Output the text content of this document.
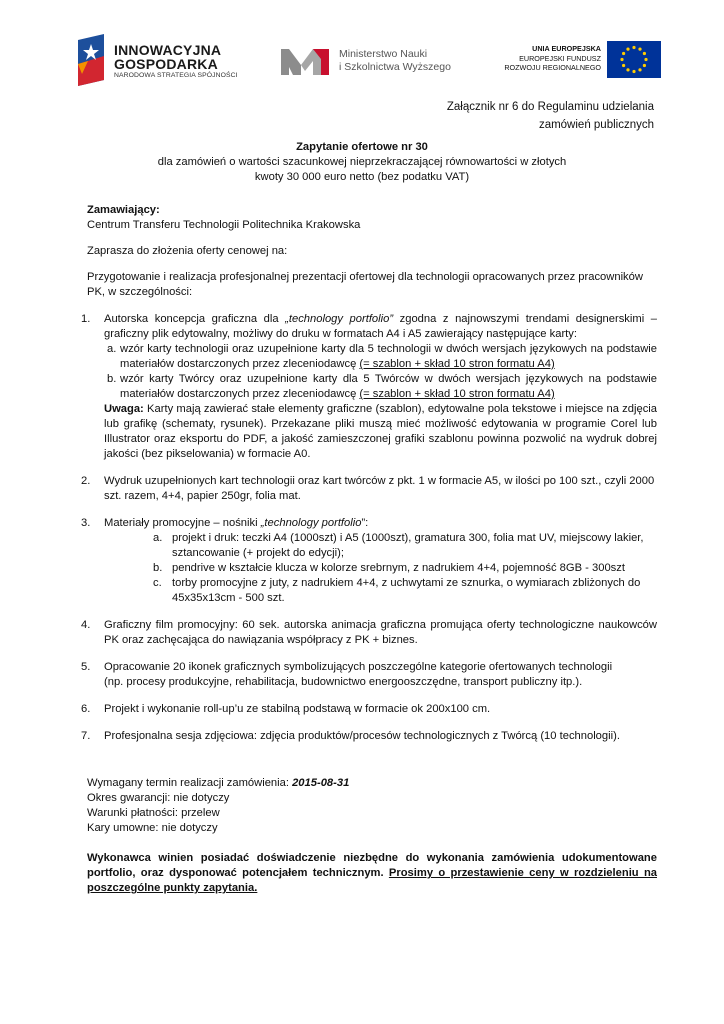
INNOWACYJNA
GOSPODARKA
NARODOWA STRATEGIA SPÓJNOŚCI
Ministerstwo Nauki
i Szkolnictwa Wyższego
UNIA EUROPEJSKA
EUROPEJSKI FUNDUSZ
ROZWOJU REGIONALNEGO
Załącznik nr 6 do Regulaminu udzielania
zamówień publicznych
Zapytanie ofertowe nr 30
dla zamówień o wartości szacunkowej nieprzekraczającej równowartości w złotych
kwoty 30 000 euro netto (bez podatku VAT)

Zamawiający:

Centrum Transferu Technologii Politechnika Krakowska

Zaprasza do złożenia oferty cenowej na:

Przygotowanie i realizacja profesjonalnej prezentacji ofertowej dla technologii opracowanych przez pracowników PK, w szczególności:

1. Autorska koncepcja graficzna dla „technology portfolio” zgodna z najnowszymi trendami designerskimi – graficzny plik edytowalny, możliwy do druku w formatach A4 i A5 zawierający następujące karty:

a. wzór karty technologii oraz uzupełnione karty dla 5 technologii w dwóch wersjach językowych na podstawie materiałów dostarczonych przez zleceniodawcę (= szablon + skład 10 stron formatu A4)

b. wzór karty Twórcy oraz uzupełnione karty dla 5 Twórców w dwóch wersjach językowych na podstawie materiałów dostarczonych przez zleceniodawcę (= szablon + skład 10 stron formatu A4)

Uwaga: Karty mają zawierać stałe elementy graficzne (szablon), edytowalne pola tekstowe i miejsce na zdjęcia lub grafikę (schematy, rysunek). Przekazane pliki muszą mieć możliwość edytowania w programie Corel lub Illustrator oraz eksportu do PDF, a jakość zamieszczonej grafiki szablonu powinna pozwolić na wydruk dobrej jakości (bez pikselowania) w formacie A0.

2. Wydruk uzupełnionych kart technologii oraz kart twórców z pkt. 1 w formacie A5, w ilości po 100 szt., czyli 2000 szt. razem, 4+4, papier 250gr, folia mat.

3. Materiały promocyjne – nośniki „technology portfolio”:

a. projekt i druk: teczki A4 (1000szt) i A5 (1000szt), gramatura 300, folia mat UV, miejscowy lakier, sztancowanie (+ projekt do edycji);

b. pendrive w kształcie klucza w kolorze srebrnym, z nadrukiem 4+4, pojemność 8GB - 300szt

c. torby promocyjne z juty, z nadrukiem 4+4, z uchwytami ze sznurka, o wymiarach zbliżonych do 45x35x13cm - 500 szt.

4. Graficzny film promocyjny: 60 sek. autorska animacja graficzna promująca oferty technologiczne naukowców PK oraz zachęcająca do nawiązania współpracy z PK + biznes.

5. Opracowanie 20 ikonek graficznych symbolizujących poszczególne kategorie ofertowanych technologii

(np. procesy produkcyjne, rehabilitacja, budownictwo energooszczędne, transport publiczny itp.).

6. Projekt i wykonanie roll-up’u ze stabilną podstawą w formacie ok 200x100 cm.

7. Profesjonalna sesja zdjęciowa: zdjęcia produktów/procesów technologicznych z Twórcą (10 technologii).

Wymagany termin realizacji zamówienia: 2015-08-31

Okres gwarancji: nie dotyczy

Warunki płatności: przelew

Kary umowne: nie dotyczy

Wykonawca winien posiadać doświadczenie niezbędne do wykonania zamówienia udokumentowane portfolio, oraz dysponować potencjałem technicznym. Prosimy o przestawienie ceny w rozdzieleniu na poszczególne punkty zapytania.
